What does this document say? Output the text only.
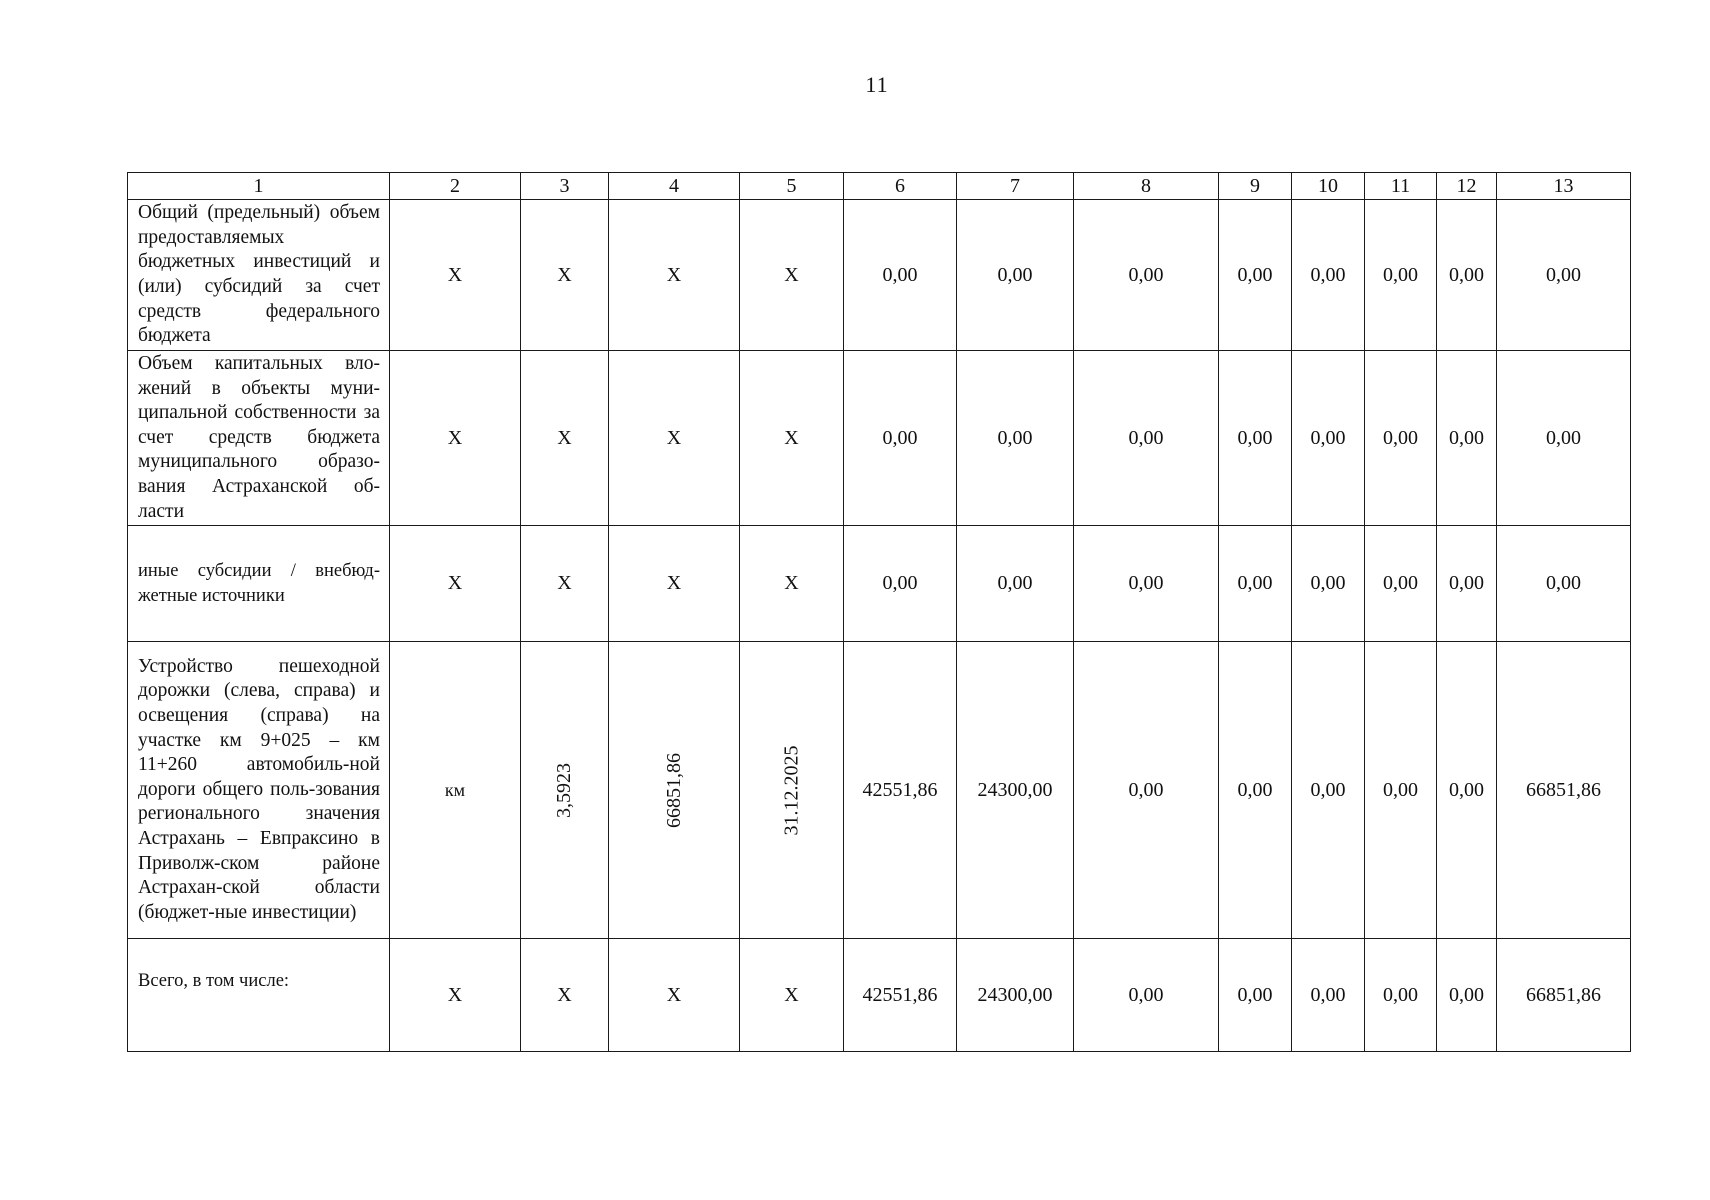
11
1	2	3	4	5	6	7	8	9	10	11	12	13
Общий (предельный) объем предоставляемых бюджетных инвестиций и (или) субсидий за счет средств федерального бюджета	Х	Х	Х	Х	0,00	0,00	0,00	0,00	0,00	0,00	0,00	0,00
Объем капитальных вло-жений в объекты муни-ципальной собственности за счет средств бюджета муниципального образо-вания Астраханской об-ласти	Х	Х	Х	Х	0,00	0,00	0,00	0,00	0,00	0,00	0,00	0,00
иные субсидии / внебюд-жетные источники	Х	Х	Х	Х	0,00	0,00	0,00	0,00	0,00	0,00	0,00	0,00
Устройство пешеходной дорожки (слева, справа) и освещения (справа) на участке км 9+025 – км 11+260 автомобиль-ной дороги общего поль-зования регионального значения Астрахань – Евпраксино в Приволж-ском районе Астрахан-ской области (бюджет-ные инвестиции)	км	3,5923	66851,86	31.12.2025	42551,86	24300,00	0,00	0,00	0,00	0,00	0,00	66851,86
Всего, в том числе:	Х	Х	Х	Х	42551,86	24300,00	0,00	0,00	0,00	0,00	0,00	66851,86
